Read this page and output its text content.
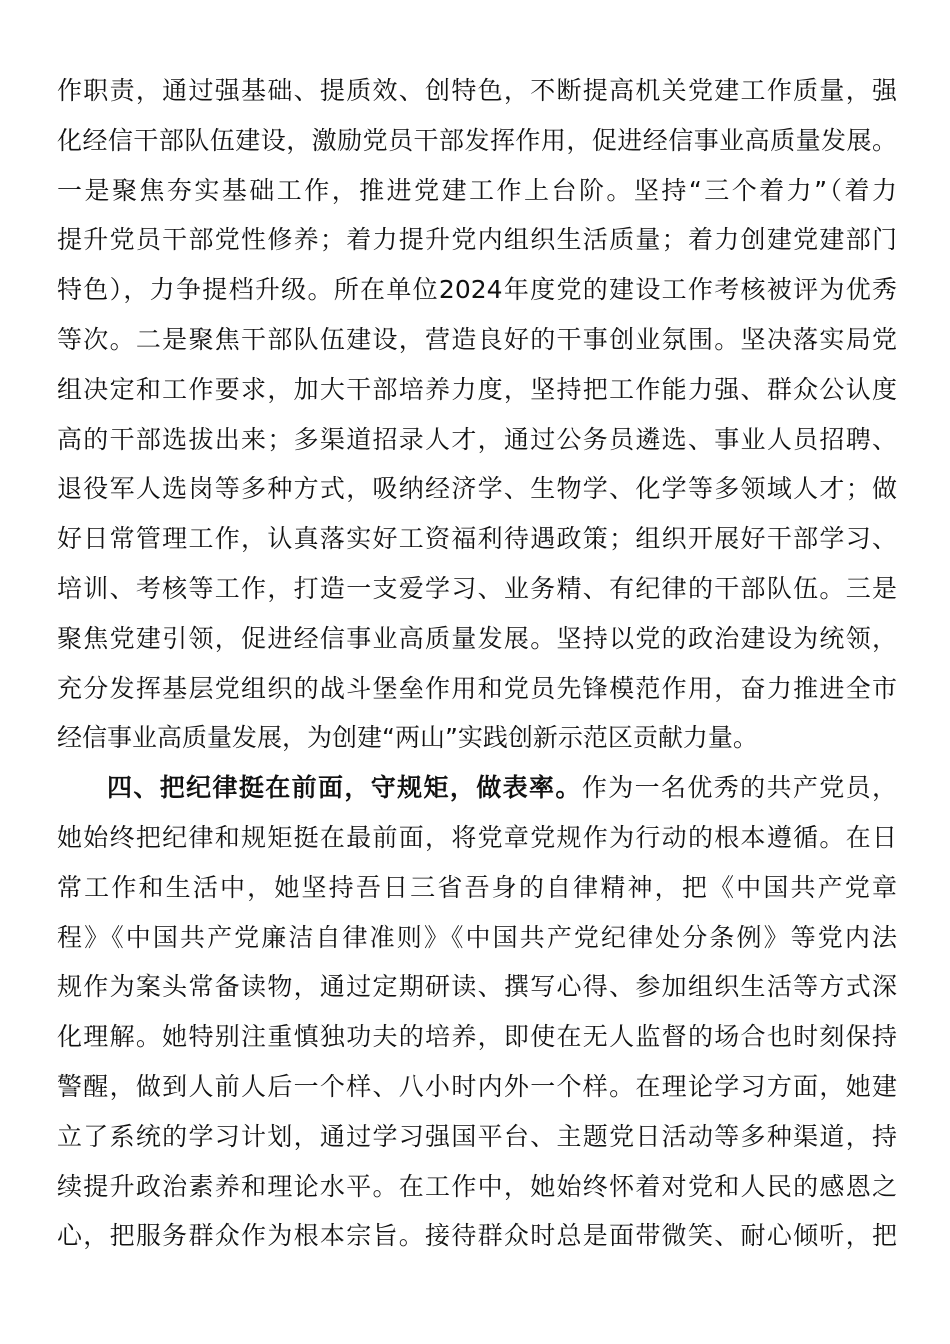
作职责，通过强基础、提质效、创特色，不断提高机关党建工作质量，强
化经信干部队伍建设，激励党员干部发挥作用，促进经信事业高质量发展。
一是聚焦夯实基础工作，推进党建工作上台阶。坚持“三个着力”（着力
提升党员干部党性修养；着力提升党内组织生活质量；着力创建党建部门
特色），力争提档升级。所在单位2024年度党的建设工作考核被评为优秀
等次。二是聚焦干部队伍建设，营造良好的干事创业氛围。坚决落实局党
组决定和工作要求，加大干部培养力度，坚持把工作能力强、群众公认度
高的干部选拔出来；多渠道招录人才，通过公务员遴选、事业人员招聘、
退役军人选岗等多种方式，吸纳经济学、生物学、化学等多领域人才；做
好日常管理工作，认真落实好工资福利待遇政策；组织开展好干部学习、
培训、考核等工作，打造一支爱学习、业务精、有纪律的干部队伍。三是
聚焦党建引领，促进经信事业高质量发展。坚持以党的政治建设为统领，
充分发挥基层党组织的战斗堡垒作用和党员先锋模范作用，奋力推进全市
经信事业高质量发展，为创建“两山”实践创新示范区贡献力量。
四、把纪律挺在前面，守规矩，做表率。作为一名优秀的共产党员，
她始终把纪律和规矩挺在最前面，将党章党规作为行动的根本遵循。在日
常工作和生活中，她坚持吾日三省吾身的自律精神，把《中国共产党章
程》《中国共产党廉洁自律准则》《中国共产党纪律处分条例》等党内法
规作为案头常备读物，通过定期研读、撰写心得、参加组织生活等方式深
化理解。她特别注重慎独功夫的培养，即使在无人监督的场合也时刻保持
警醒，做到人前人后一个样、八小时内外一个样。在理论学习方面，她建
立了系统的学习计划，通过学习强国平台、主题党日活动等多种渠道，持
续提升政治素养和理论水平。在工作中，她始终怀着对党和人民的感恩之
心，把服务群众作为根本宗旨。接待群众时总是面带微笑、耐心倾听，把
